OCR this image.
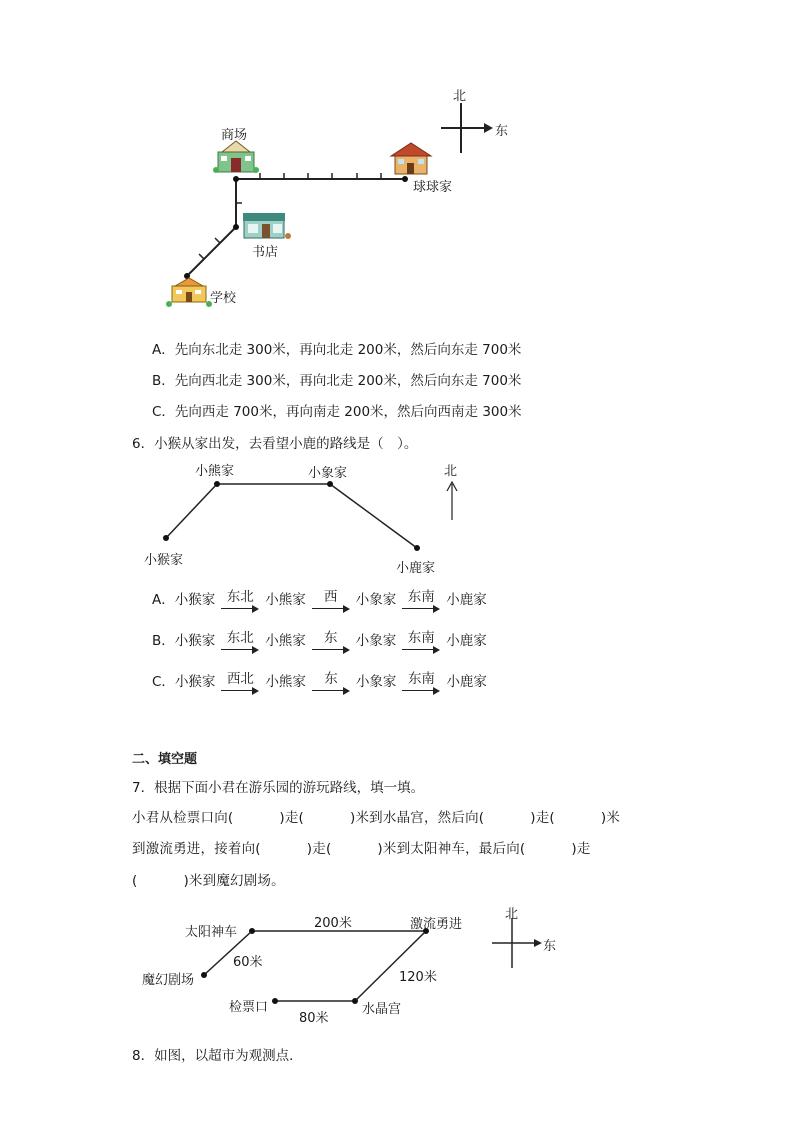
北
东
商场
球球家
书店
学校
A．先向东北走 300米，再向北走 200米，然后向东走 700米
B．先向西北走 300米，再向北走 200米，然后向东走 700米
C．先向西走 700米，再向南走 200米，然后向西南走 300米
6．小猴从家出发，去看望小鹿的路线是（　）。
小熊家	小象家
小猴家
小鹿家
北
A．小猴家 东北 小熊家	西	小象家 东南 小鹿家
B．小猴家 东北 小熊家	东	小象家 东南 小鹿家
C．小猴家 西北 小熊家	东	小象家 东南 小鹿家
二、填空题
7．根据下面小君在游乐园的游玩路线，填一填。
小君从检票口向(	)走(	)米到水晶宫，然后向(	)走(	)米
到激流勇进，接着向(	)走(	)米到太阳神车，最后向(	)走
(	)米到魔幻剧场。
太阳神车
激流勇进
魔幻剧场
检票口	水晶宫
200米
60米
120米
80米
北
东
8．如图，以超市为观测点．
